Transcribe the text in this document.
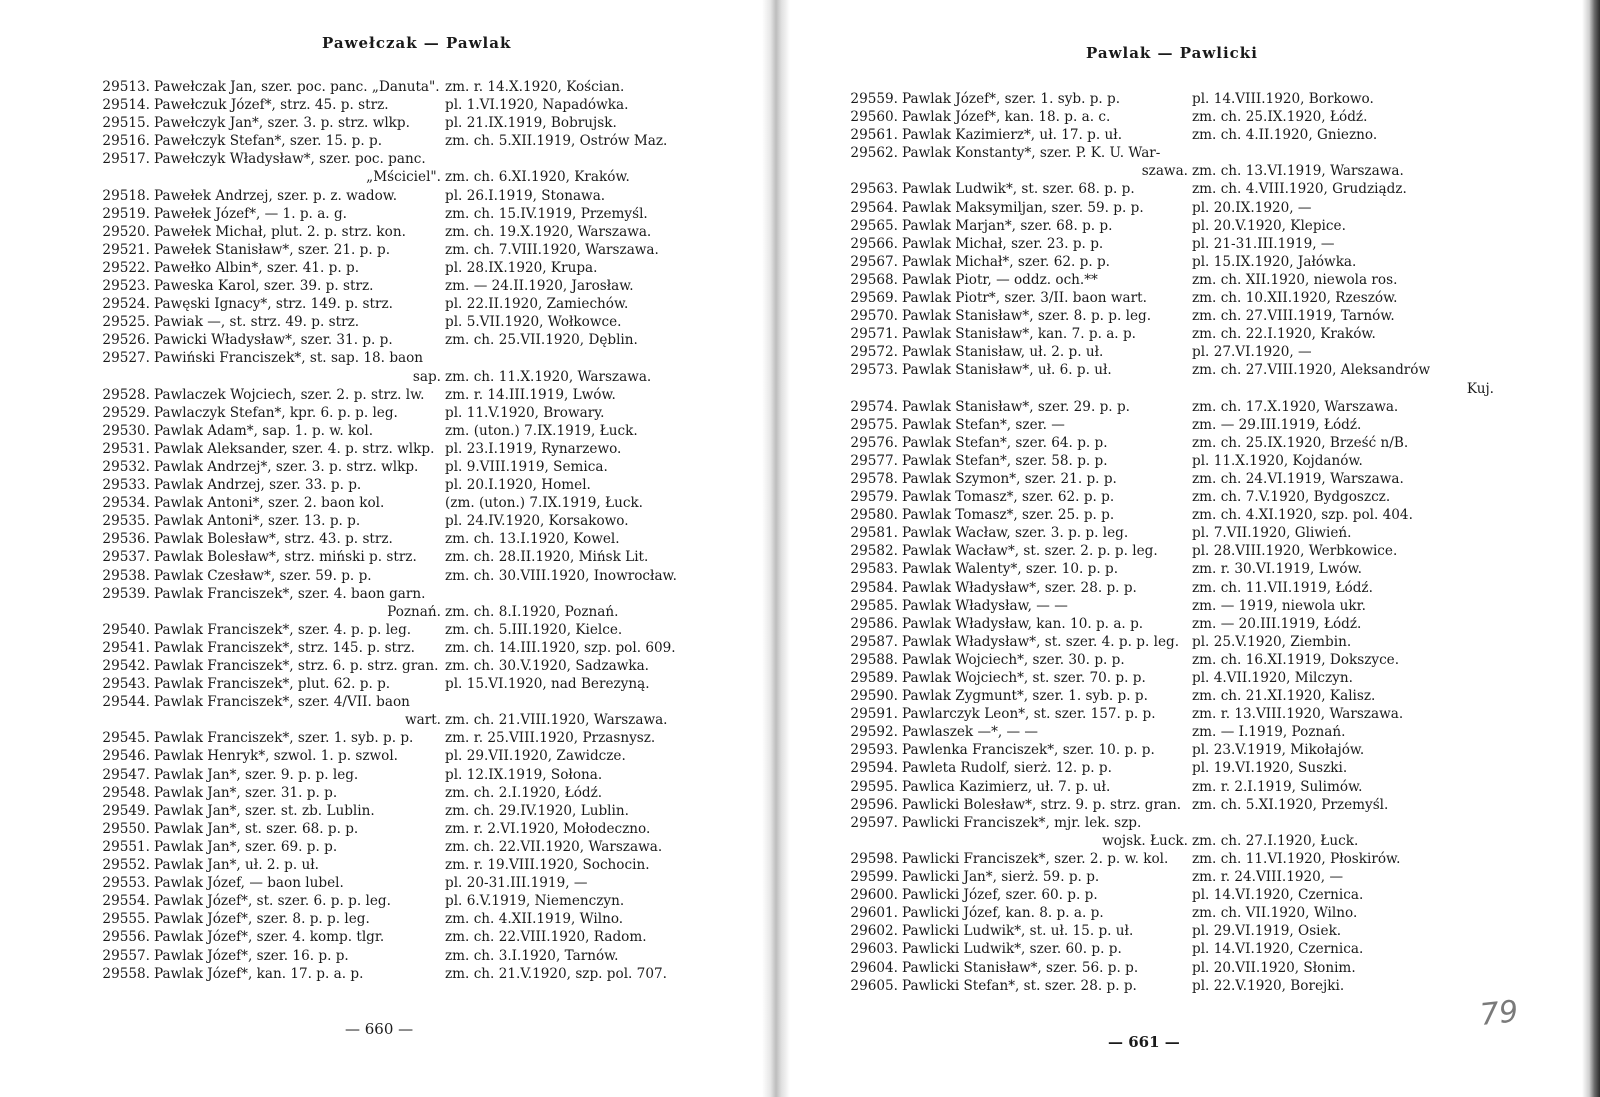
Pawełczak — Pawlak
29513. Pawełczak Jan, szer. poc. panc. „Danuta". zm. r. 14.X.1920, Kościan.
29514. Pawełczuk Józef*, strz. 45. p. strz.	pl. 1.VI.1920, Napadówka.
29515. Pawełczyk Jan*, szer. 3. p. strz. wlkp.	pl. 21.IX.1919, Bobrujsk.
29516. Pawełczyk Stefan*, szer. 15. p. p.	zm. ch. 5.XII.1919, Ostrów Maz.
29517. Pawełczyk Władysław*, szer. poc. panc.
„Mściciel". zm. ch. 6.XI.1920, Kraków.
29518. Pawełek Andrzej, szer. p. z. wadow.	pl. 26.I.1919, Stonawa.
29519. Pawełek Józef*, — 1. p. a. g.	zm. ch. 15.IV.1919, Przemyśl.
29520. Pawełek Michał, plut. 2. p. strz. kon.	zm. ch. 19.X.1920, Warszawa.
29521. Pawełek Stanisław*, szer. 21. p. p.	zm. ch. 7.VIII.1920, Warszawa.
29522. Pawełko Albin*, szer. 41. p. p.	pl. 28.IX.1920, Krupa.
29523. Paweska Karol, szer. 39. p. strz.	zm. — 24.II.1920, Jarosław.
29524. Pawęski Ignacy*, strz. 149. p. strz.	pl. 22.II.1920, Zamiechów.
29525. Pawiak —, st. strz. 49. p. strz.	pl. 5.VII.1920, Wołkowce.
29526. Pawicki Władysław*, szer. 31. p. p.	zm. ch. 25.VII.1920, Dęblin.
29527. Pawiński Franciszek*, st. sap. 18. baon
sap. zm. ch. 11.X.1920, Warszawa.
29528. Pawlaczek Wojciech, szer. 2. p. strz. lw. zm. r. 14.III.1919, Lwów.
29529. Pawlaczyk Stefan*, kpr. 6. p. p. leg.	pl. 11.V.1920, Browary.
29530. Pawlak Adam*, sap. 1. p. w. kol.	zm. (uton.) 7.IX.1919, Łuck.
29531. Pawlak Aleksander, szer. 4. p. strz. wlkp. pl. 23.I.1919, Rynarzewo.
29532. Pawlak Andrzej*, szer. 3. p. strz. wlkp. pl. 9.VIII.1919, Semica.
29533. Pawlak Andrzej, szer. 33. p. p.	pl. 20.I.1920, Homel.
29534. Pawlak Antoni*, szer. 2. baon kol.	(zm. (uton.) 7.IX.1919, Łuck.
29535. Pawlak Antoni*, szer. 13. p. p.	pl. 24.IV.1920, Korsakowo.
29536. Pawlak Bolesław*, strz. 43. p. strz.	zm. ch. 13.I.1920, Kowel.
29537. Pawlak Bolesław*, strz. miński p. strz. zm. ch. 28.II.1920, Mińsk Lit.
29538. Pawlak Czesław*, szer. 59. p. p.	zm. ch. 30.VIII.1920, Inowrocław.
29539. Pawlak Franciszek*, szer. 4. baon garn.
Poznań. zm. ch. 8.I.1920, Poznań.
29540. Pawlak Franciszek*, szer. 4. p. p. leg. zm. ch. 5.III.1920, Kielce.
29541. Pawlak Franciszek*, strz. 145. p. strz. zm. ch. 14.III.1920, szp. pol. 609.
29542. Pawlak Franciszek*, strz. 6. p. strz. gran. zm. ch. 30.V.1920, Sadzawka.
29543. Pawlak Franciszek*, plut. 62. p. p.	pl. 15.VI.1920, nad Berezyną.
29544. Pawlak Franciszek*, szer. 4/VII. baon
wart. zm. ch. 21.VIII.1920, Warszawa.
29545. Pawlak Franciszek*, szer. 1. syb. p. p. zm. r. 25.VIII.1920, Przasnysz.
29546. Pawlak Henryk*, szwol. 1. p. szwol.	pl. 29.VII.1920, Zawidcze.
29547. Pawlak Jan*, szer. 9. p. p. leg.	pl. 12.IX.1919, Sołona.
29548. Pawlak Jan*, szer. 31. p. p.	zm. ch. 2.I.1920, Łódź.
29549. Pawlak Jan*, szer. st. zb. Lublin.	zm. ch. 29.IV.1920, Lublin.
29550. Pawlak Jan*, st. szer. 68. p. p.	zm. r. 2.VI.1920, Mołodeczno.
29551. Pawlak Jan*, szer. 69. p. p.	zm. ch. 22.VII.1920, Warszawa.
29552. Pawlak Jan*, uł. 2. p. uł.	zm. r. 19.VIII.1920, Sochocin.
29553. Pawlak Józef, — baon lubel.	pl. 20-31.III.1919, —
29554. Pawlak Józef*, st. szer. 6. p. p. leg.	pl. 6.V.1919, Niemenczyn.
29555. Pawlak Józef*, szer. 8. p. p. leg.	zm. ch. 4.XII.1919, Wilno.
29556. Pawlak Józef*, szer. 4. komp. tlgr.	zm. ch. 22.VIII.1920, Radom.
29557. Pawlak Józef*, szer. 16. p. p.	zm. ch. 3.I.1920, Tarnów.
29558. Pawlak Józef*, kan. 17. p. a. p.	zm. ch. 21.V.1920, szp. pol. 707.
— 660 —
Pawlak — Pawlicki
29559. Pawlak Józef*, szer. 1. syb. p. p.	pl. 14.VIII.1920, Borkowo.
29560. Pawlak Józef*, kan. 18. p. a. c.	zm. ch. 25.IX.1920, Łódź.
29561. Pawlak Kazimierz*, uł. 17. p. uł.	zm. ch. 4.II.1920, Gniezno.
29562. Pawlak Konstanty*, szer. P. K. U. War-
szawa. zm. ch. 13.VI.1919, Warszawa.
29563. Pawlak Ludwik*, st. szer. 68. p. p.	zm. ch. 4.VIII.1920, Grudziądz.
29564. Pawlak Maksymiljan, szer. 59. p. p.	pl. 20.IX.1920, —
29565. Pawlak Marjan*, szer. 68. p. p.	pl. 20.V.1920, Klepice.
29566. Pawlak Michał, szer. 23. p. p.	pl. 21-31.III.1919, —
29567. Pawlak Michał*, szer. 62. p. p.	pl. 15.IX.1920, Jałówka.
29568. Pawlak Piotr, — oddz. och.**	zm. ch. XII.1920, niewola ros.
29569. Pawlak Piotr*, szer. 3/II. baon wart.	zm. ch. 10.XII.1920, Rzeszów.
29570. Pawlak Stanisław*, szer. 8. p. p. leg.	zm. ch. 27.VIII.1919, Tarnów.
29571. Pawlak Stanisław*, kan. 7. p. a. p.	zm. ch. 22.I.1920, Kraków.
29572. Pawlak Stanisław, uł. 2. p. uł.	pl. 27.VI.1920, —
29573. Pawlak Stanisław*, uł. 6. p. uł.	zm. ch. 27.VIII.1920, Aleksandrów
Kuj.
29574. Pawlak Stanisław*, szer. 29. p. p.	zm. ch. 17.X.1920, Warszawa.
29575. Pawlak Stefan*, szer. —	zm. — 29.III.1919, Łódź.
29576. Pawlak Stefan*, szer. 64. p. p.	zm. ch. 25.IX.1920, Brześć n/B.
29577. Pawlak Stefan*, szer. 58. p. p.	pl. 11.X.1920, Kojdanów.
29578. Pawlak Szymon*, szer. 21. p. p.	zm. ch. 24.VI.1919, Warszawa.
29579. Pawlak Tomasz*, szer. 62. p. p.	zm. ch. 7.V.1920, Bydgoszcz.
29580. Pawlak Tomasz*, szer. 25. p. p.	zm. ch. 4.XI.1920, szp. pol. 404.
29581. Pawlak Wacław, szer. 3. p. p. leg.	pl. 7.VII.1920, Gliwień.
29582. Pawlak Wacław*, st. szer. 2. p. p. leg.	pl. 28.VIII.1920, Werbkowice.
29583. Pawlak Walenty*, szer. 10. p. p.	zm. r. 30.VI.1919, Lwów.
29584. Pawlak Władysław*, szer. 28. p. p.	zm. ch. 11.VII.1919, Łódź.
29585. Pawlak Władysław, — —	zm. — 1919, niewola ukr.
29586. Pawlak Władysław, kan. 10. p. a. p.	zm. — 20.III.1919, Łódź.
29587. Pawlak Władysław*, st. szer. 4. p. p. leg. pl. 25.V.1920, Ziembin.
29588. Pawlak Wojciech*, szer. 30. p. p.	zm. ch. 16.XI.1919, Dokszyce.
29589. Pawlak Wojciech*, st. szer. 70. p. p.	pl. 4.VII.1920, Milczyn.
29590. Pawlak Zygmunt*, szer. 1. syb. p. p.	zm. ch. 21.XI.1920, Kalisz.
29591. Pawlarczyk Leon*, st. szer. 157. p. p.	zm. r. 13.VIII.1920, Warszawa.
29592. Pawlaszek —*, — —	zm. — I.1919, Poznań.
29593. Pawlenka Franciszek*, szer. 10. p. p.	pl. 23.V.1919, Mikołajów.
29594. Pawleta Rudolf, sierż. 12. p. p.	pl. 19.VI.1920, Suszki.
29595. Pawlica Kazimierz, uł. 7. p. uł.	zm. r. 2.I.1919, Sulimów.
29596. Pawlicki Bolesław*, strz. 9. p. strz. gran. zm. ch. 5.XI.1920, Przemyśl.
29597. Pawlicki Franciszek*, mjr. lek. szp.
wojsk. Łuck. zm. ch. 27.I.1920, Łuck.
29598. Pawlicki Franciszek*, szer. 2. p. w. kol. zm. ch. 11.VI.1920, Płoskirów.
29599. Pawlicki Jan*, sierż. 59. p. p.	zm. r. 24.VIII.1920, —
29600. Pawlicki Józef, szer. 60. p. p.	pl. 14.VI.1920, Czernica.
29601. Pawlicki Józef, kan. 8. p. a. p.	zm. ch. VII.1920, Wilno.
29602. Pawlicki Ludwik*, st. uł. 15. p. uł.	pl. 29.VI.1919, Osiek.
29603. Pawlicki Ludwik*, szer. 60. p. p.	pl. 14.VI.1920, Czernica.
29604. Pawlicki Stanisław*, szer. 56. p. p.	pl. 20.VII.1920, Słonim.
29605. Pawlicki Stefan*, st. szer. 28. p. p.	pl. 22.V.1920, Borejki.
— 661 —
79
